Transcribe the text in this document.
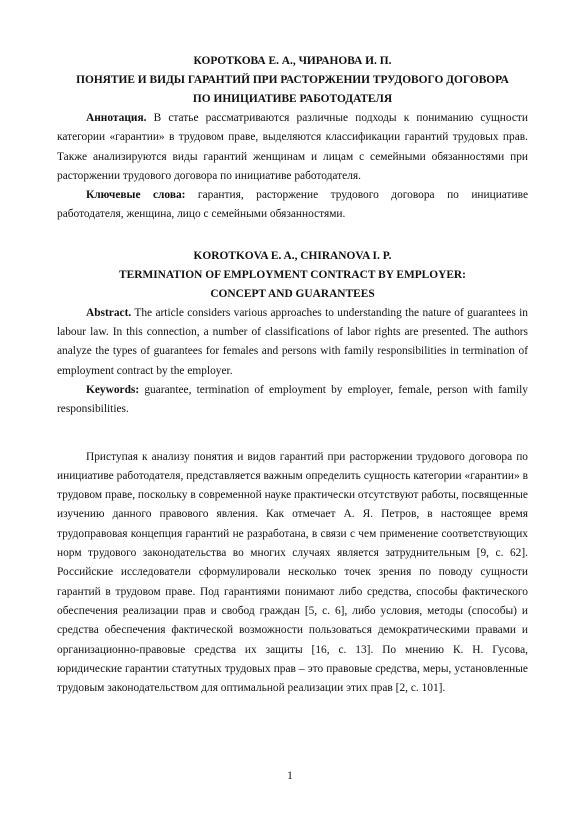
КОРОТКОВА Е. А., ЧИРАНОВА И. П.

ПОНЯТИЕ И ВИДЫ ГАРАНТИЙ ПРИ РАСТОРЖЕНИИ ТРУДОВОГО ДОГОВОРА

ПО ИНИЦИАТИВЕ РАБОТОДАТЕЛЯ

Аннотация. В статье рассматриваются различные подходы к пониманию сущности категории «гарантии» в трудовом праве, выделяются классификации гарантий трудовых прав. Также анализируются виды гарантий женщинам и лицам с семейными обязанностями при расторжении трудового договора по инициативе работодателя.

Ключевые слова: гарантия, расторжение трудового договора по инициативе работодателя, женщина, лицо с семейными обязанностями.

KOROTKOVA E. A., CHIRANOVA I. P.

TERMINATION OF EMPLOYMENT CONTRACT BY EMPLOYER:

CONCEPT AND GUARANTEES

Abstract. The article considers various approaches to understanding the nature of guarantees in labour law. In this connection, a number of classifications of labor rights are presented. The authors analyze the types of guarantees for females and persons with family responsibilities in termination of employment contract by the employer.

Keywords: guarantee, termination of employment by employer, female, person with family responsibilities.

Приступая к анализу понятия и видов гарантий при расторжении трудового договора по инициативе работодателя, представляется важным определить сущность категории «гарантии» в трудовом праве, поскольку в современной науке практически отсутствуют работы, посвященные изучению данного правового явления. Как отмечает А. Я. Петров, в настоящее время трудоправовая концепция гарантий не разработана, в связи с чем применение соответствующих норм трудового законодательства во многих случаях является затруднительным [9, с. 62]. Российские исследователи сформулировали несколько точек зрения по поводу сущности гарантий в трудовом праве. Под гарантиями понимают либо средства, способы фактического обеспечения реализации прав и свобод граждан [5, с. 6], либо условия, методы (способы) и средства обеспечения фактической возможности пользоваться демократическими правами и организационно-правовые средства их защиты [16, с. 13]. По мнению К. Н. Гусова, юридические гарантии статутных трудовых прав – это правовые средства, меры, установленные трудовым законодательством для оптимальной реализации этих прав [2, с. 101].

1
